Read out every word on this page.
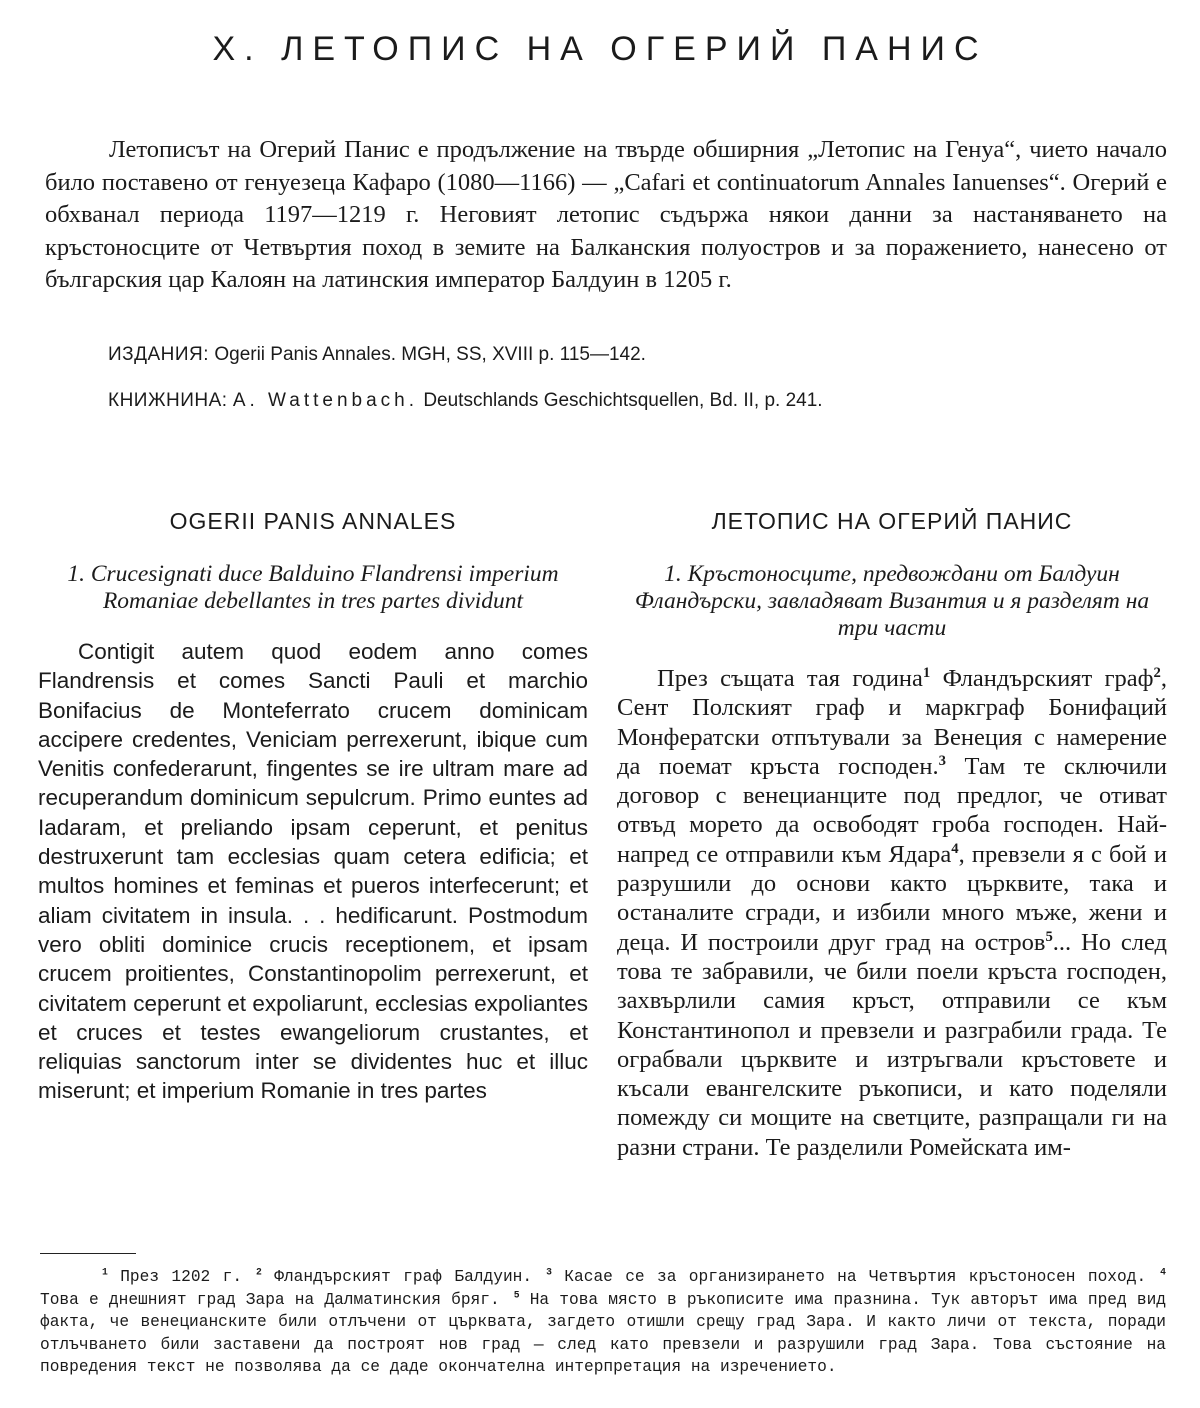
X. ЛЕТОПИС НА ОГЕРИЙ ПАНИС

Летописът на Огерий Панис е продължение на твърде обширния „Летопис на Генуа“, чието начало било поставено от генуезеца Кафаро (1080—1166) — „Cafari et continuatorum Annales Ianuenses“. Огерий е обхванал периода 1197—1219 г. Неговият летопис съдържа някои данни за настаняването на кръстоносците от Четвъртия поход в земите на Балканския полуостров и за поражението, нанесено от българския цар Калоян на латинския император Балдуин в 1205 г.

ИЗДАНИЯ: Ogerii Panis Annales. MGH, SS, XVIII p. 115—142.

КНИЖНИНА: A. Wattenbach. Deutschlands Geschichtsquellen, Bd. II, p. 241.

OGERII PANIS ANNALES
1. Crucesignati duce Balduino Flandrensi imperium Romaniae debellantes in tres partes dividunt

Contigit autem quod eodem anno comes Flandrensis et comes Sancti Pauli et marchio Bonifacius de Monteferrato crucem dominicam accipere credentes, Veniciam perrexerunt, ibique cum Venitis confederarunt, fingentes se ire ultram mare ad recuperandum dominicum sepulcrum. Primo euntes ad Iadaram, et preliando ipsam ceperunt, et penitus destruxerunt tam ecclesias quam cetera edificia; et multos homines et feminas et pueros interfecerunt; et aliam civitatem in insula. . . hedificarunt. Postmodum vero obliti dominice crucis receptionem, et ipsam crucem proitientes, Constantinopolim perrexerunt, et civitatem ceperunt et expoliarunt, ecclesias expoliantes et cruces et testes ewangeliorum crustantes, et reliquias sanctorum inter se dividentes huc et illuc miserunt; et imperium Romanie in tres partes

ЛЕТОПИС НА ОГЕРИЙ ПАНИС
1. Кръстоносците, предвождани от Балдуин Фландърски, завладяват Византия и я разделят на три части

През същата тая година$^1$ Фландърският граф$^2$, Сент Полският граф и маркграф Бонифаций Монфератски отпътували за Венеция с намерение да поемат кръста господен.$^3$ Там те сключили договор с венецианците под предлог, че отиват отвъд морето да освободят гроба господен. Най-напред се отправили към Ядара$^4$, превзели я с бой и разрушили до основи както църквите, така и останалите сгради, и избили много мъже, жени и деца. И построили друг град на остров$^5$... Но след това те забравили, че били поели кръста господен, захвърлили самия кръст, отправили се към Константинопол и превзели и разграбили града. Те ограбвали църквите и изтръгвали кръстовете и късали евангелските ръкописи, и като поделяли помежду си мощите на светците, разпращали ги на разни страни. Те разделили Ромейската им-

$^1$ През 1202 г. $^2$ Фландърският граф Балдуин. $^3$ Касае се за организирането на Четвъртия кръстоносен поход. $^4$ Това е днешният град Зара на Далматинския бряг. $^5$ На това място в ръкописите има празнина. Тук авторът има пред вид факта, че венецианските били отлъчени от църквата, загдето отишли срещу град Зара. И както личи от текста, поради отлъчването били заставени да построят нов град — след като превзели и разрушили град Зара. Това състояние на повредения текст не позволява да се даде окончателна интерпретация на изречението.
